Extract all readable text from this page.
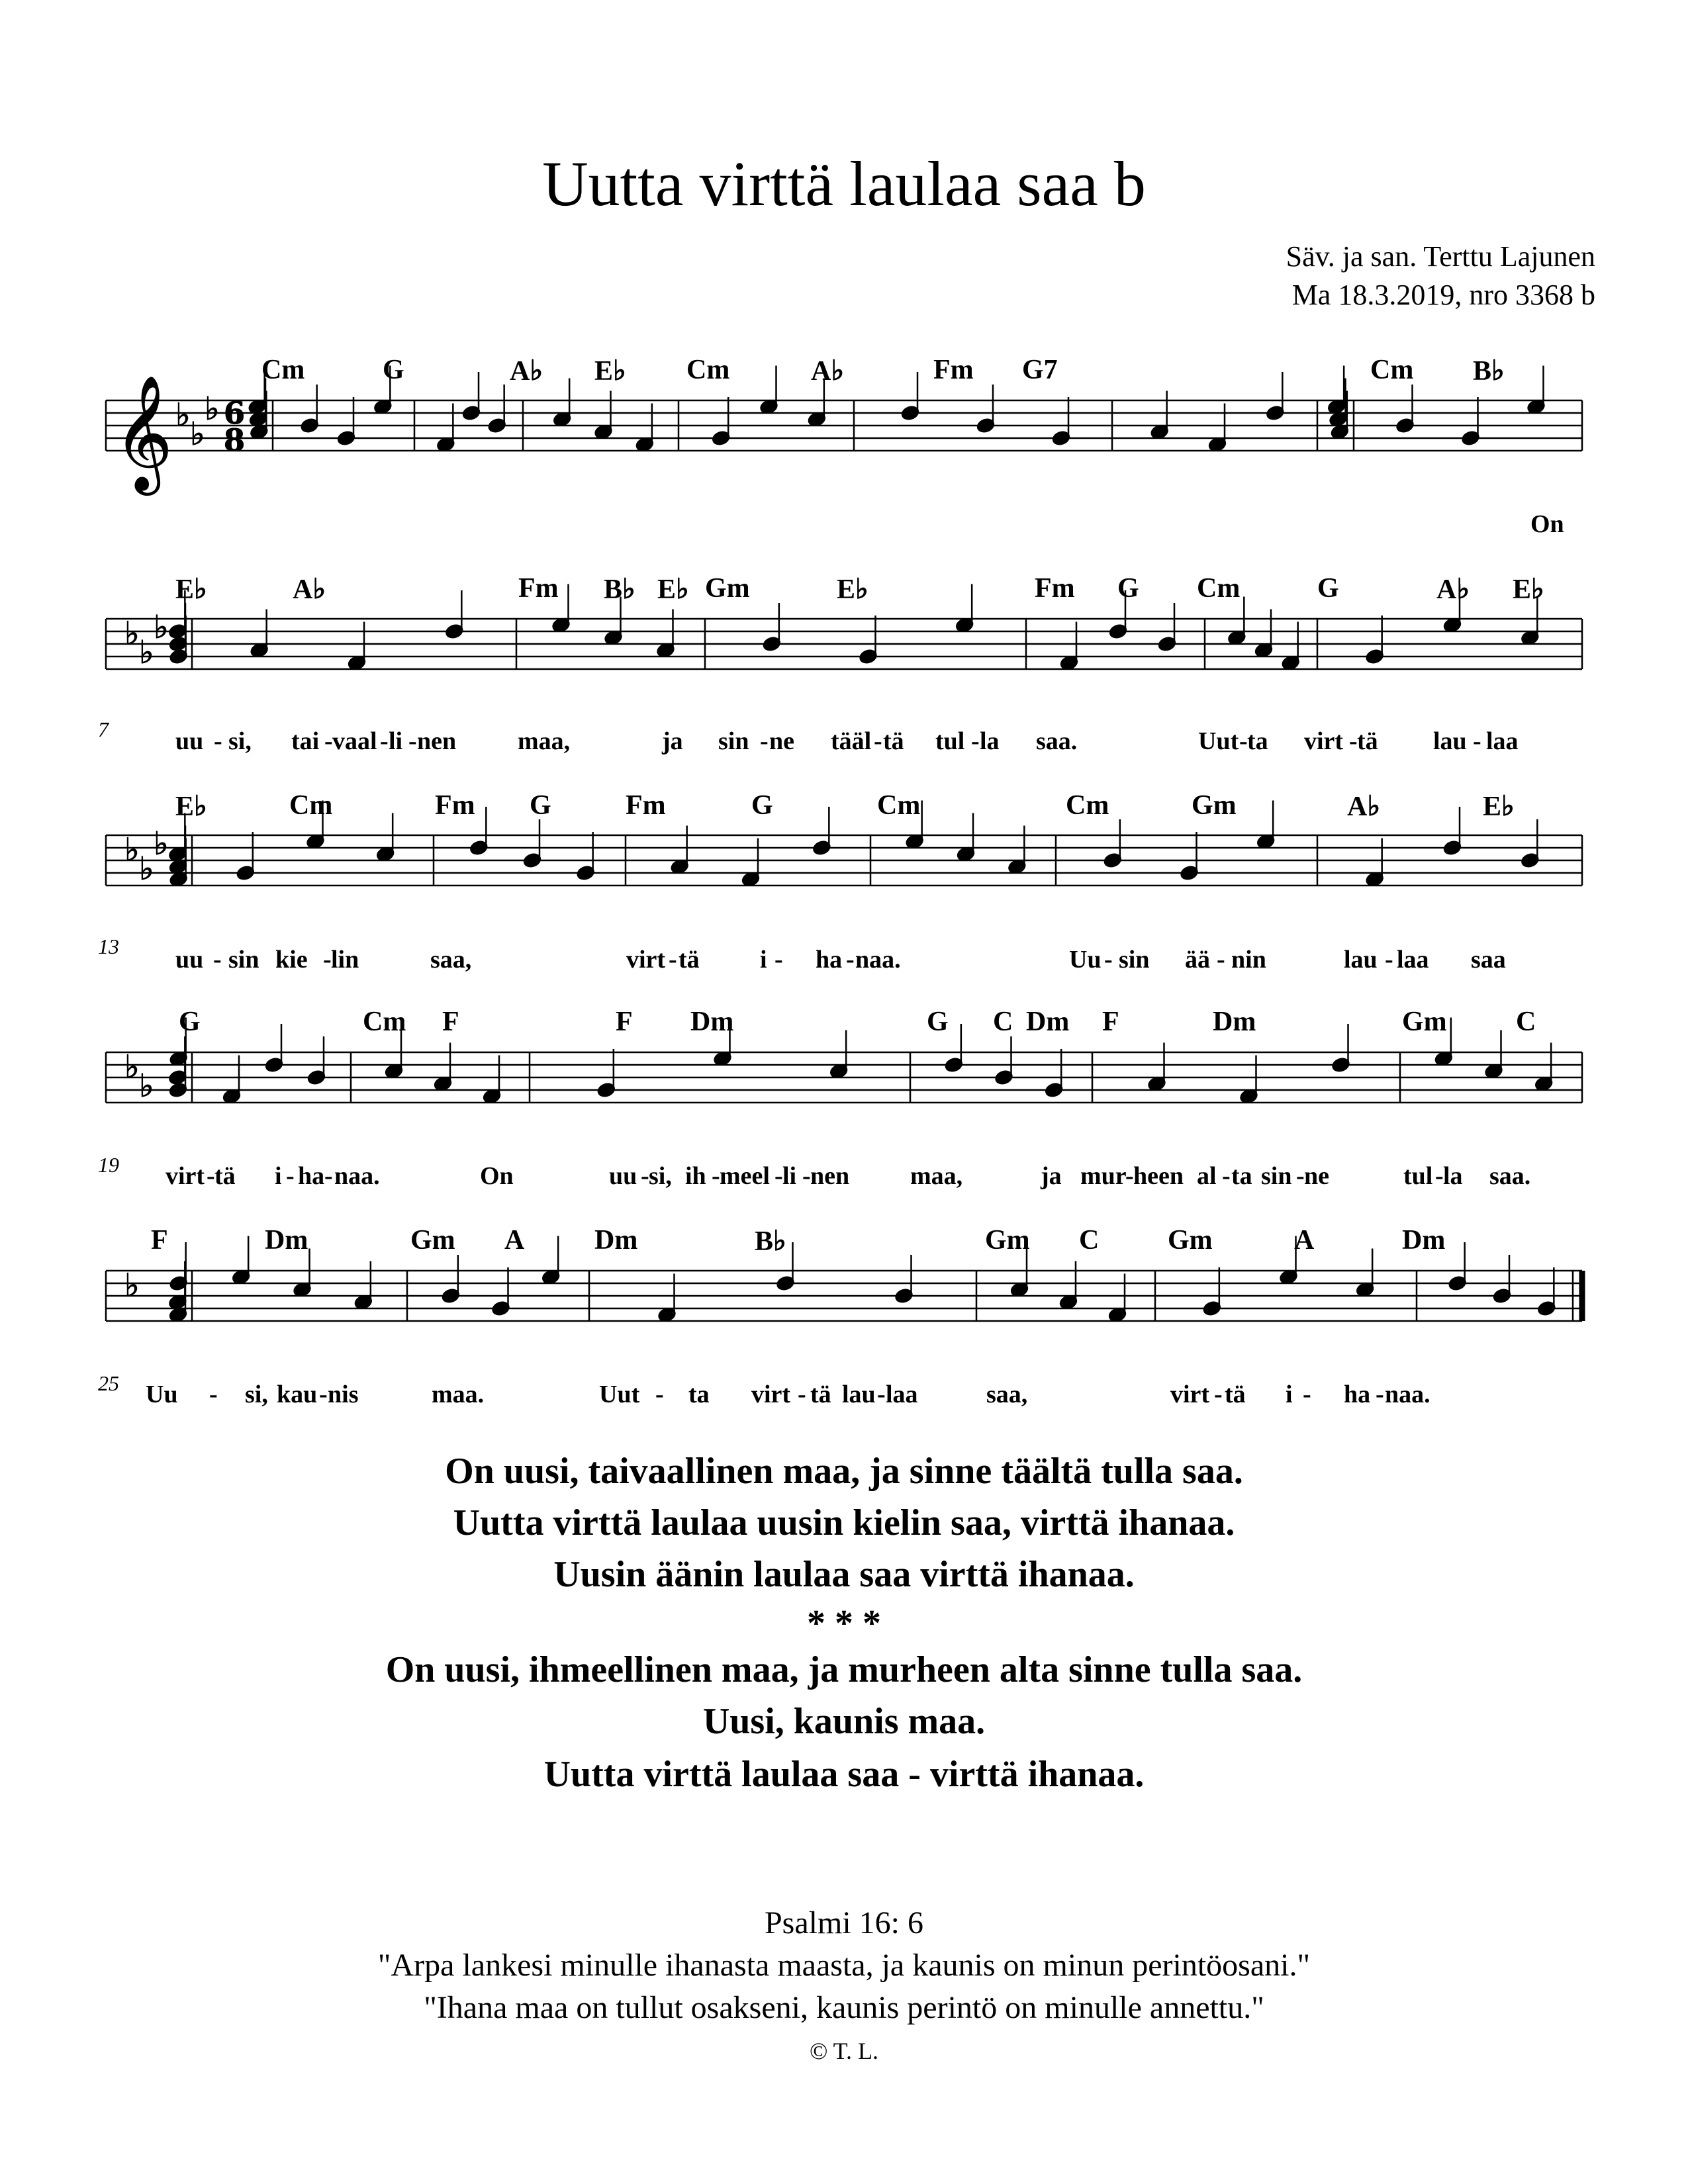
Uutta virttä laulaa saa b
Säv. ja san. Terttu Lajunen
Ma 18.3.2019, nro 3368 b
♭
♭
♭
♭
♭
♭
♭
♭
♭
♭
♭
♭
𝄞 6
8
7
13
19
25
Cm	G	A♭ E♭ Cm	A♭	Fm G7	Cm B♭
E♭	A♭	Fm B♭ E♭ Gm	E♭	Fm G Cm	G	A♭ E♭
E♭	Cm	Fm G	Fm	G	Cm	Cm	Gm	A♭	E♭
G	Cm F	F Dm	G C Dm F	Dm	Gm C
F	Dm	Gm A	Dm	B♭	Gm C Gm	A	Dm
On
uu - si, tai - vaal - li - nen maa,	ja sin - ne tääl - tä tul - la saa.	Uut - ta virt - tä lau - laa
uu - sin kie - lin	saa,	virt - tä i - ha - naa.	Uu - sin ää - nin	lau - laa saa
virt - tä i - ha - naa.	On	uu - si, ih - meel - li - nen maa,	ja mur
- heen al - ta sin - ne	tul - la saa.
Uu - si, kau - nis	maa.	Uut - ta virt - tä lau - laa	saa,	virt - tä i - ha - naa.
On uusi, taivaallinen maa, ja sinne täältä tulla saa.
Uutta virttä laulaa uusin kielin saa, virttä ihanaa.
Uusin äänin laulaa saa virttä ihanaa.
* * *
On uusi, ihmeellinen maa, ja murheen alta sinne tulla saa.
Uusi, kaunis maa.
Uutta virttä laulaa saa - virttä ihanaa.
Psalmi 16: 6
"Arpa lankesi minulle ihanasta maasta, ja kaunis on minun perintöosani."
"Ihana maa on tullut osakseni, kaunis perintö on minulle annettu."
© T. L.
